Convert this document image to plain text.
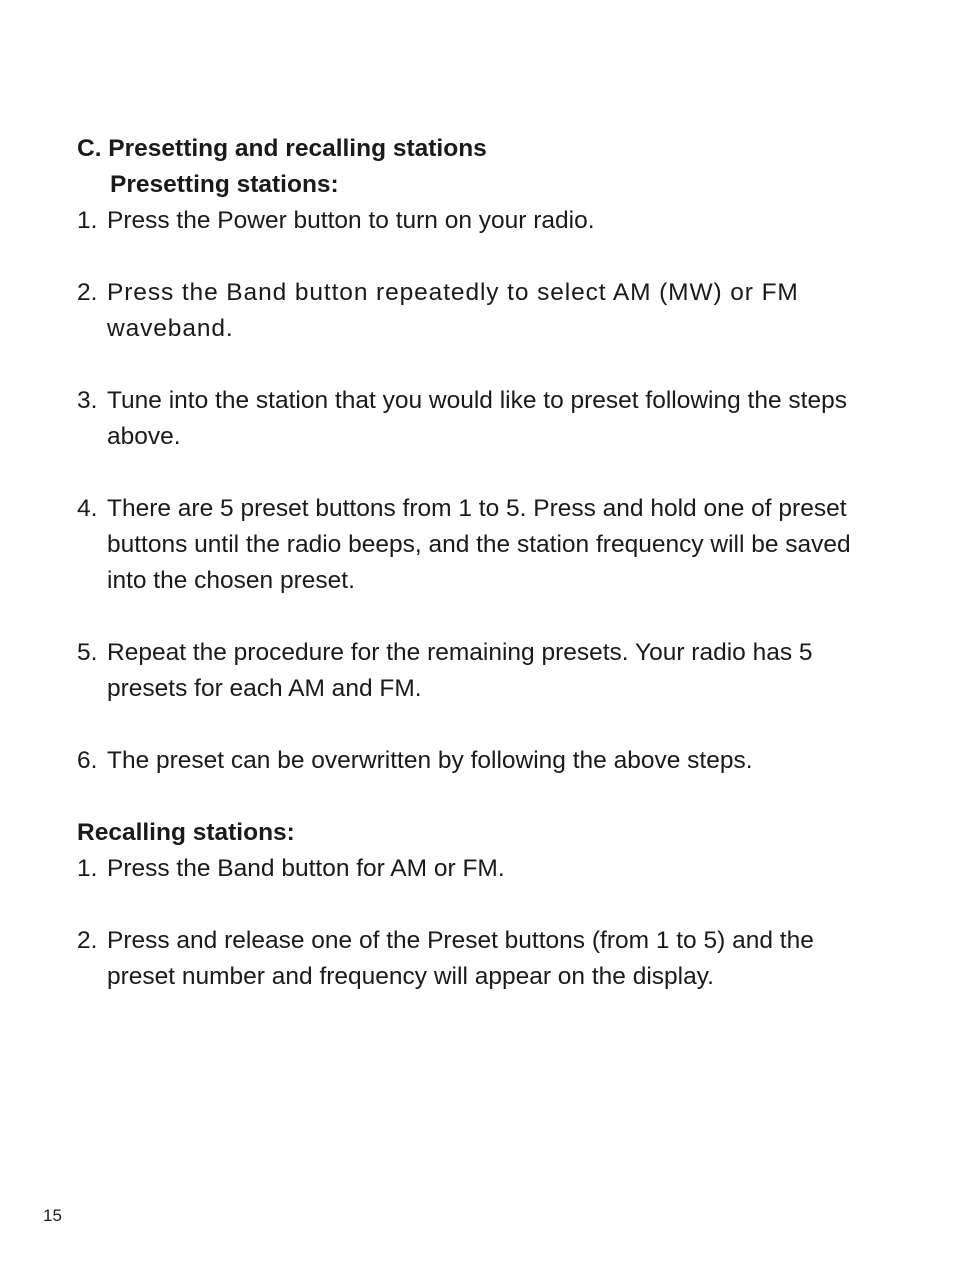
C. Presetting and recalling stations

Presetting stations:

1. Press the Power button to turn on your radio.
2. Press the Band button repeatedly to select AM (MW) or FM waveband.
3. Tune into the station that you would like to preset following the steps above.
4. There are 5 preset buttons from 1 to 5. Press and hold one of preset buttons until the radio beeps, and the station frequency will be saved into the chosen preset.
5. Repeat the procedure for the remaining presets. Your radio has 5 presets for each AM and FM.
6. The preset can be overwritten by following the above steps.

Recalling stations:

1. Press the Band button for AM or FM.
2. Press and release one of the Preset buttons (from 1 to 5) and the preset number and frequency will appear on the display.
15
